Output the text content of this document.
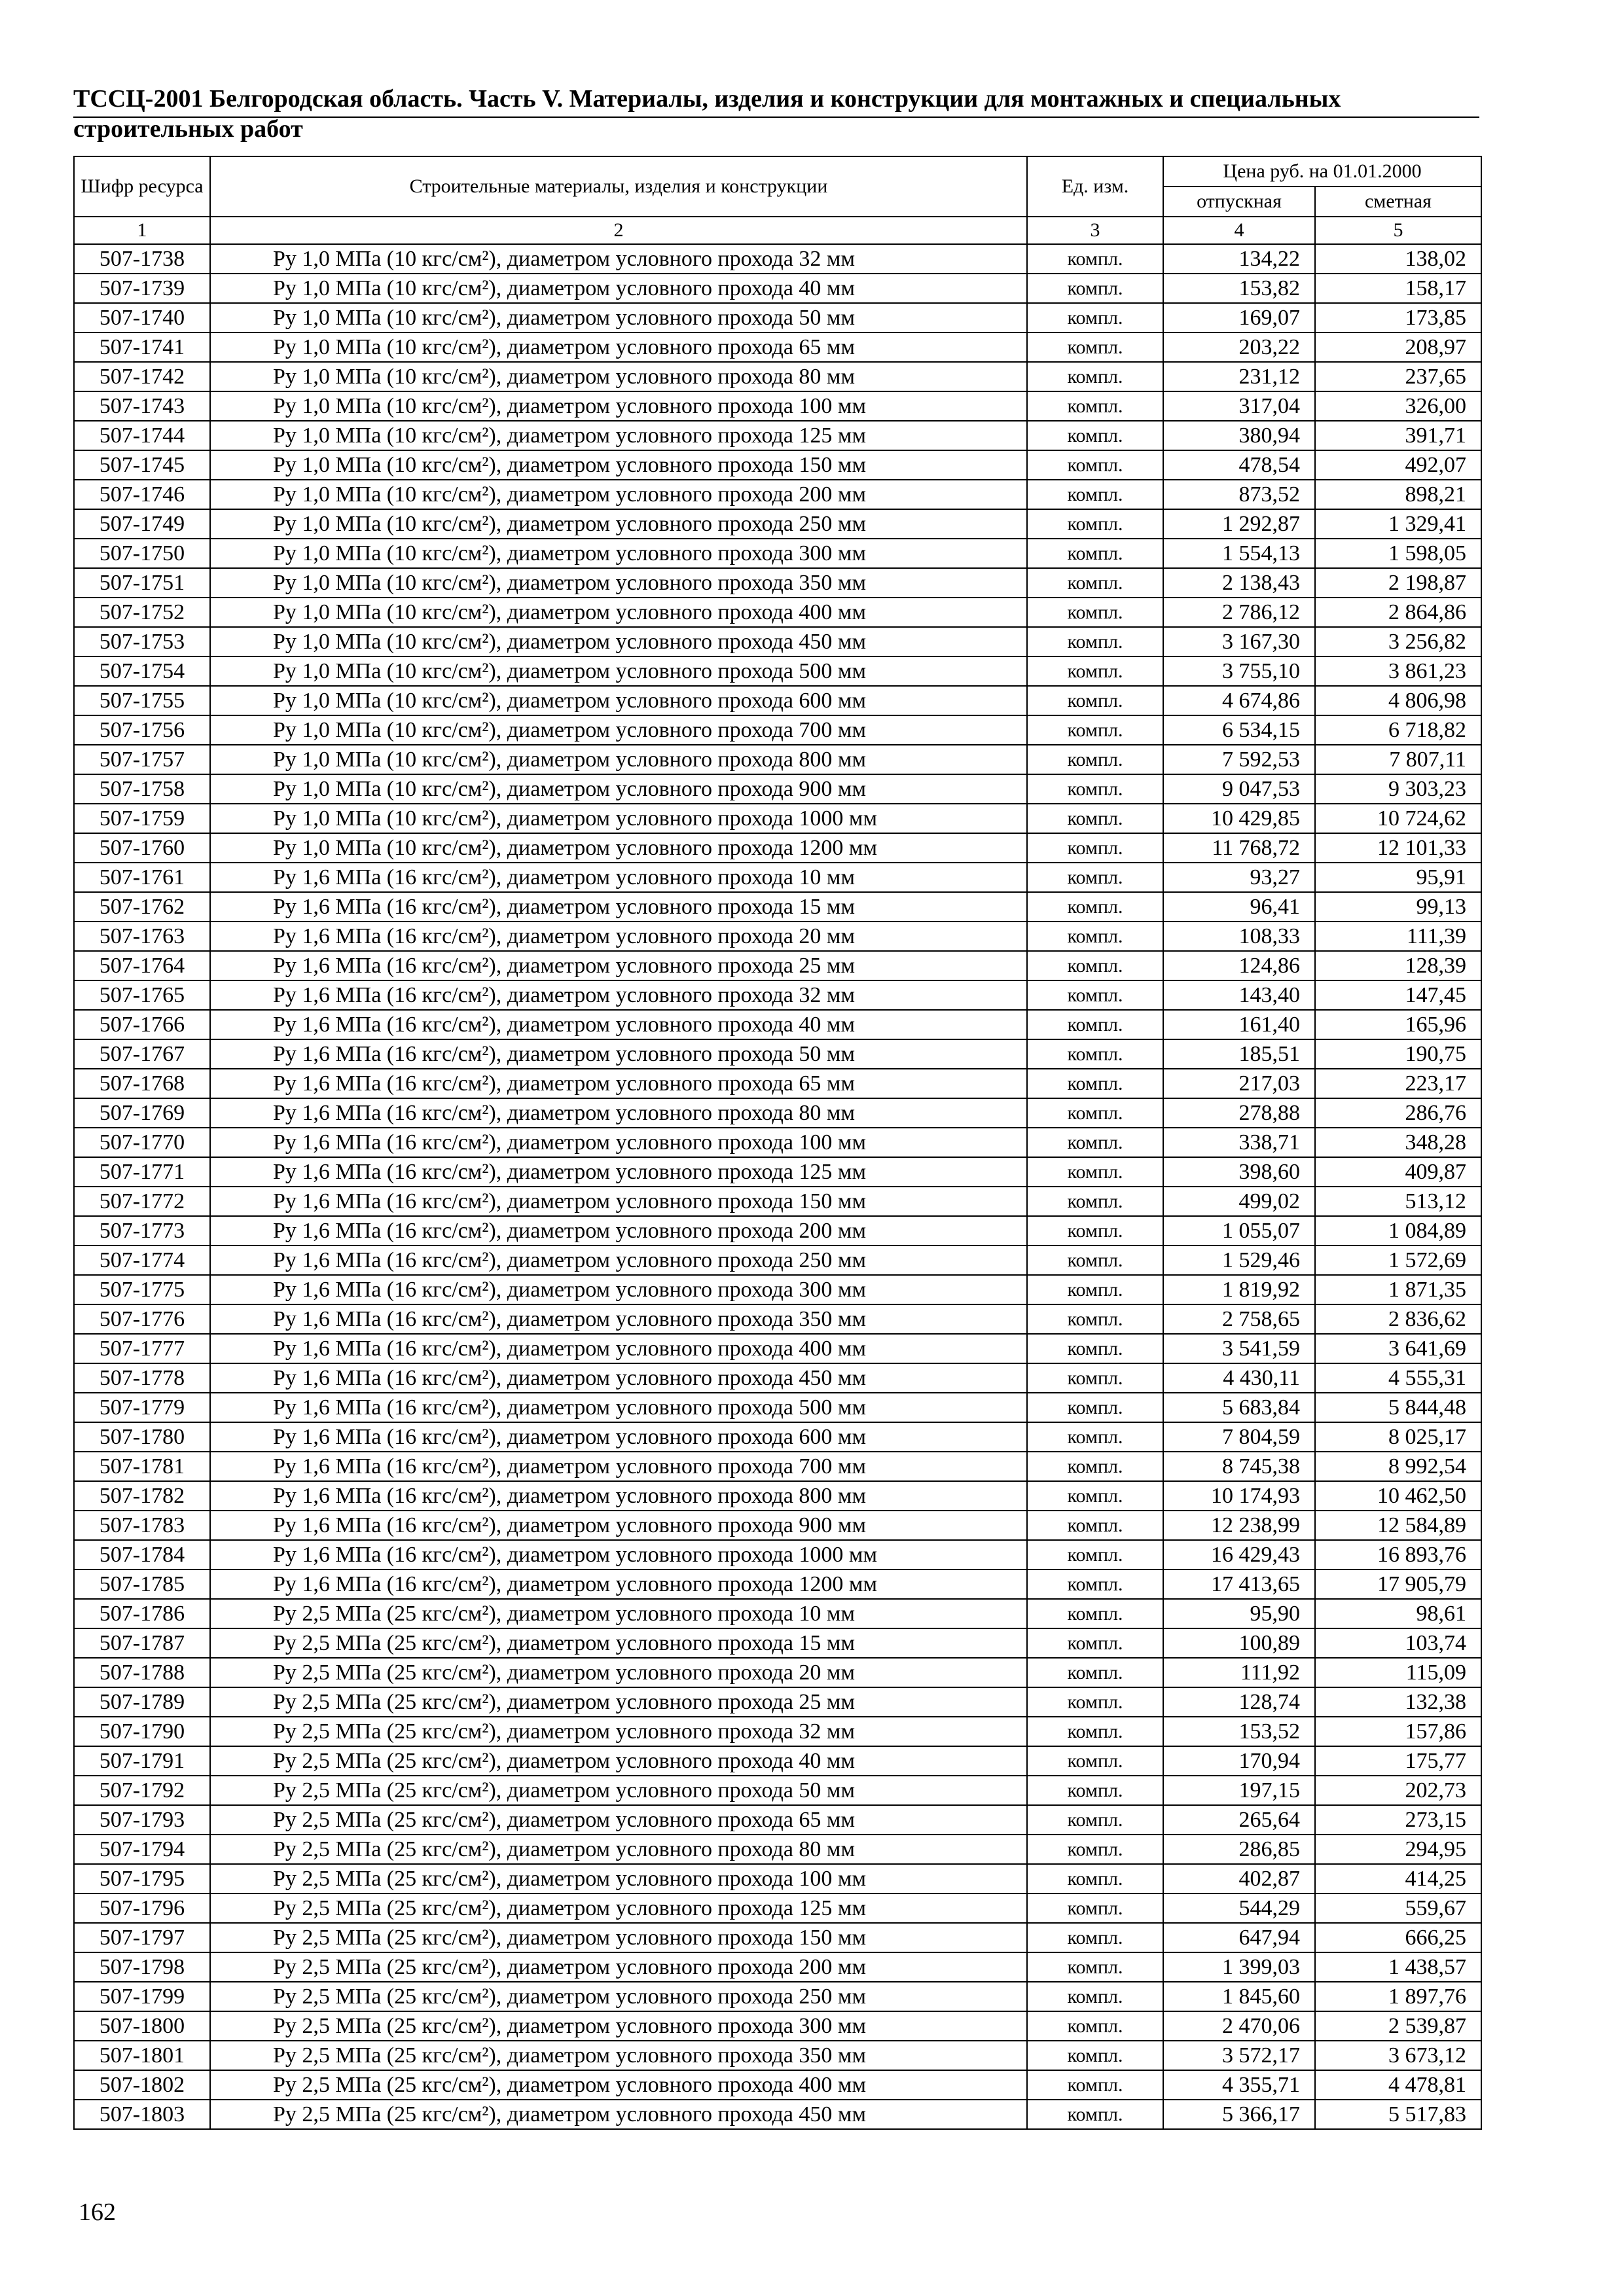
ТССЦ-2001 Белгородская область. Часть V. Материалы, изделия и конструкции для монтажных и специальных
строительных работ
Шифр ресурса	Строительные материалы, изделия и конструкции	Ед. изм.	Цена руб. на 01.01.2000	
			отпускная	сметная
1	2	3	4	5
507-1738	Ру 1,0 МПа (10 кгс/см²), диаметром условного прохода 32 мм	компл.	134,22	138,02
507-1739	Ру 1,0 МПа (10 кгс/см²), диаметром условного прохода 40 мм	компл.	153,82	158,17
507-1740	Ру 1,0 МПа (10 кгс/см²), диаметром условного прохода 50 мм	компл.	169,07	173,85
507-1741	Ру 1,0 МПа (10 кгс/см²), диаметром условного прохода 65 мм	компл.	203,22	208,97
507-1742	Ру 1,0 МПа (10 кгс/см²), диаметром условного прохода 80 мм	компл.	231,12	237,65
507-1743	Ру 1,0 МПа (10 кгс/см²), диаметром условного прохода 100 мм	компл.	317,04	326,00
507-1744	Ру 1,0 МПа (10 кгс/см²), диаметром условного прохода 125 мм	компл.	380,94	391,71
507-1745	Ру 1,0 МПа (10 кгс/см²), диаметром условного прохода 150 мм	компл.	478,54	492,07
507-1746	Ру 1,0 МПа (10 кгс/см²), диаметром условного прохода 200 мм	компл.	873,52	898,21
507-1749	Ру 1,0 МПа (10 кгс/см²), диаметром условного прохода 250 мм	компл.	1 292,87	1 329,41
507-1750	Ру 1,0 МПа (10 кгс/см²), диаметром условного прохода 300 мм	компл.	1 554,13	1 598,05
507-1751	Ру 1,0 МПа (10 кгс/см²), диаметром условного прохода 350 мм	компл.	2 138,43	2 198,87
507-1752	Ру 1,0 МПа (10 кгс/см²), диаметром условного прохода 400 мм	компл.	2 786,12	2 864,86
507-1753	Ру 1,0 МПа (10 кгс/см²), диаметром условного прохода 450 мм	компл.	3 167,30	3 256,82
507-1754	Ру 1,0 МПа (10 кгс/см²), диаметром условного прохода 500 мм	компл.	3 755,10	3 861,23
507-1755	Ру 1,0 МПа (10 кгс/см²), диаметром условного прохода 600 мм	компл.	4 674,86	4 806,98
507-1756	Ру 1,0 МПа (10 кгс/см²), диаметром условного прохода 700 мм	компл.	6 534,15	6 718,82
507-1757	Ру 1,0 МПа (10 кгс/см²), диаметром условного прохода 800 мм	компл.	7 592,53	7 807,11
507-1758	Ру 1,0 МПа (10 кгс/см²), диаметром условного прохода 900 мм	компл.	9 047,53	9 303,23
507-1759	Ру 1,0 МПа (10 кгс/см²), диаметром условного прохода 1000 мм	компл.	10 429,85	10 724,62
507-1760	Ру 1,0 МПа (10 кгс/см²), диаметром условного прохода 1200 мм	компл.	11 768,72	12 101,33
507-1761	Ру 1,6 МПа (16 кгс/см²), диаметром условного прохода 10 мм	компл.	93,27	95,91
507-1762	Ру 1,6 МПа (16 кгс/см²), диаметром условного прохода 15 мм	компл.	96,41	99,13
507-1763	Ру 1,6 МПа (16 кгс/см²), диаметром условного прохода 20 мм	компл.	108,33	111,39
507-1764	Ру 1,6 МПа (16 кгс/см²), диаметром условного прохода 25 мм	компл.	124,86	128,39
507-1765	Ру 1,6 МПа (16 кгс/см²), диаметром условного прохода 32 мм	компл.	143,40	147,45
507-1766	Ру 1,6 МПа (16 кгс/см²), диаметром условного прохода 40 мм	компл.	161,40	165,96
507-1767	Ру 1,6 МПа (16 кгс/см²), диаметром условного прохода 50 мм	компл.	185,51	190,75
507-1768	Ру 1,6 МПа (16 кгс/см²), диаметром условного прохода 65 мм	компл.	217,03	223,17
507-1769	Ру 1,6 МПа (16 кгс/см²), диаметром условного прохода 80 мм	компл.	278,88	286,76
507-1770	Ру 1,6 МПа (16 кгс/см²), диаметром условного прохода 100 мм	компл.	338,71	348,28
507-1771	Ру 1,6 МПа (16 кгс/см²), диаметром условного прохода 125 мм	компл.	398,60	409,87
507-1772	Ру 1,6 МПа (16 кгс/см²), диаметром условного прохода 150 мм	компл.	499,02	513,12
507-1773	Ру 1,6 МПа (16 кгс/см²), диаметром условного прохода 200 мм	компл.	1 055,07	1 084,89
507-1774	Ру 1,6 МПа (16 кгс/см²), диаметром условного прохода 250 мм	компл.	1 529,46	1 572,69
507-1775	Ру 1,6 МПа (16 кгс/см²), диаметром условного прохода 300 мм	компл.	1 819,92	1 871,35
507-1776	Ру 1,6 МПа (16 кгс/см²), диаметром условного прохода 350 мм	компл.	2 758,65	2 836,62
507-1777	Ру 1,6 МПа (16 кгс/см²), диаметром условного прохода 400 мм	компл.	3 541,59	3 641,69
507-1778	Ру 1,6 МПа (16 кгс/см²), диаметром условного прохода 450 мм	компл.	4 430,11	4 555,31
507-1779	Ру 1,6 МПа (16 кгс/см²), диаметром условного прохода 500 мм	компл.	5 683,84	5 844,48
507-1780	Ру 1,6 МПа (16 кгс/см²), диаметром условного прохода 600 мм	компл.	7 804,59	8 025,17
507-1781	Ру 1,6 МПа (16 кгс/см²), диаметром условного прохода 700 мм	компл.	8 745,38	8 992,54
507-1782	Ру 1,6 МПа (16 кгс/см²), диаметром условного прохода 800 мм	компл.	10 174,93	10 462,50
507-1783	Ру 1,6 МПа (16 кгс/см²), диаметром условного прохода 900 мм	компл.	12 238,99	12 584,89
507-1784	Ру 1,6 МПа (16 кгс/см²), диаметром условного прохода 1000 мм	компл.	16 429,43	16 893,76
507-1785	Ру 1,6 МПа (16 кгс/см²), диаметром условного прохода 1200 мм	компл.	17 413,65	17 905,79
507-1786	Ру 2,5 МПа (25 кгс/см²), диаметром условного прохода 10 мм	компл.	95,90	98,61
507-1787	Ру 2,5 МПа (25 кгс/см²), диаметром условного прохода 15 мм	компл.	100,89	103,74
507-1788	Ру 2,5 МПа (25 кгс/см²), диаметром условного прохода 20 мм	компл.	111,92	115,09
507-1789	Ру 2,5 МПа (25 кгс/см²), диаметром условного прохода 25 мм	компл.	128,74	132,38
507-1790	Ру 2,5 МПа (25 кгс/см²), диаметром условного прохода 32 мм	компл.	153,52	157,86
507-1791	Ру 2,5 МПа (25 кгс/см²), диаметром условного прохода 40 мм	компл.	170,94	175,77
507-1792	Ру 2,5 МПа (25 кгс/см²), диаметром условного прохода 50 мм	компл.	197,15	202,73
507-1793	Ру 2,5 МПа (25 кгс/см²), диаметром условного прохода 65 мм	компл.	265,64	273,15
507-1794	Ру 2,5 МПа (25 кгс/см²), диаметром условного прохода 80 мм	компл.	286,85	294,95
507-1795	Ру 2,5 МПа (25 кгс/см²), диаметром условного прохода 100 мм	компл.	402,87	414,25
507-1796	Ру 2,5 МПа (25 кгс/см²), диаметром условного прохода 125 мм	компл.	544,29	559,67
507-1797	Ру 2,5 МПа (25 кгс/см²), диаметром условного прохода 150 мм	компл.	647,94	666,25
507-1798	Ру 2,5 МПа (25 кгс/см²), диаметром условного прохода 200 мм	компл.	1 399,03	1 438,57
507-1799	Ру 2,5 МПа (25 кгс/см²), диаметром условного прохода 250 мм	компл.	1 845,60	1 897,76
507-1800	Ру 2,5 МПа (25 кгс/см²), диаметром условного прохода 300 мм	компл.	2 470,06	2 539,87
507-1801	Ру 2,5 МПа (25 кгс/см²), диаметром условного прохода 350 мм	компл.	3 572,17	3 673,12
507-1802	Ру 2,5 МПа (25 кгс/см²), диаметром условного прохода 400 мм	компл.	4 355,71	4 478,81
507-1803	Ру 2,5 МПа (25 кгс/см²), диаметром условного прохода 450 мм	компл.	5 366,17	5 517,83
162
